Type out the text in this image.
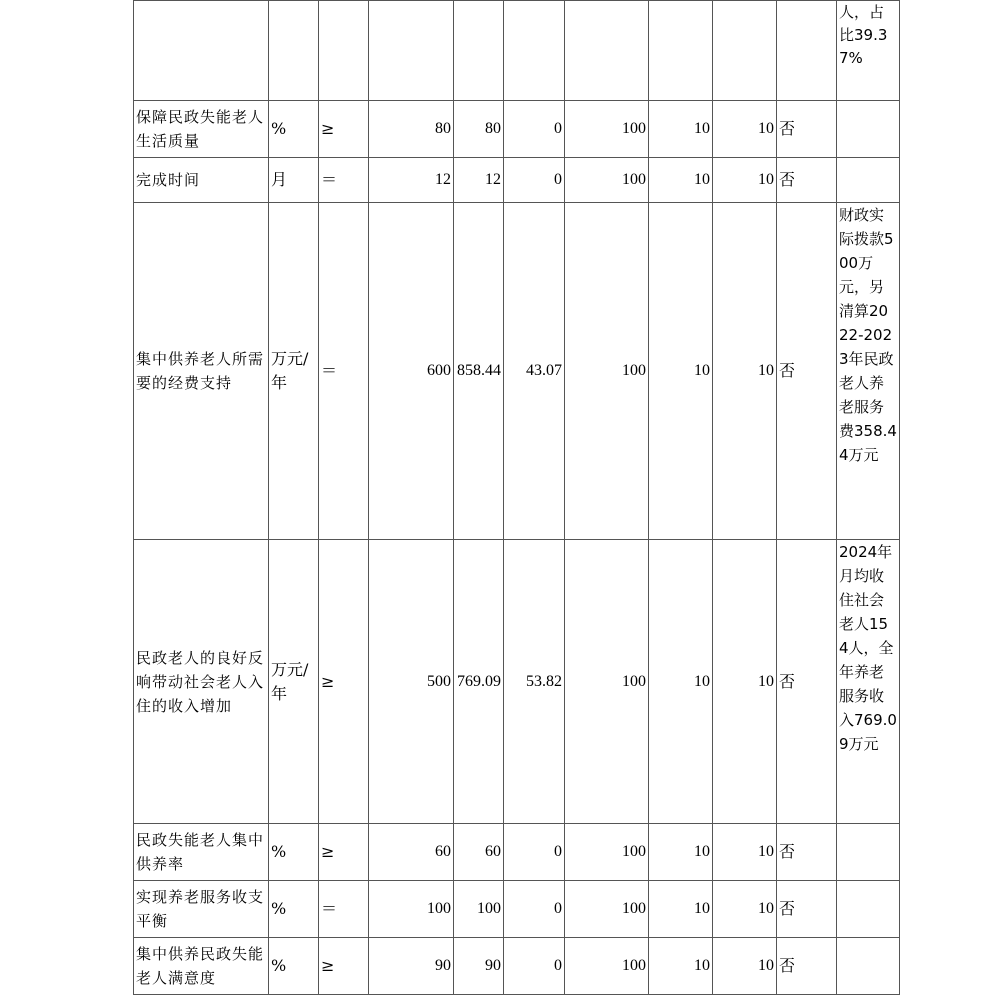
										人，占比39.37%
保障民政失能老人生活质量	%	≥	80	80	0	100	10	10	否	
完成时间	月	＝	12	12	0	100	10	10	否	
集中供养老人所需要的经费支持	万元/年	＝	600	858.44	43.07	100	10	10	否	财政实际拨款500万元，另清算2022-2023年民政老人养老服务费358.44万元
民政老人的良好反响带动社会老人入住的收入增加	万元/年	≥	500	769.09	53.82	100	10	10	否	2024年月均收住社会老人154人，全年养老服务收入769.09万元
民政失能老人集中供养率	%	≥	60	60	0	100	10	10	否	
实现养老服务收支平衡	%	＝	100	100	0	100	10	10	否	
集中供养民政失能老人满意度	%	≥	90	90	0	100	10	10	否	
